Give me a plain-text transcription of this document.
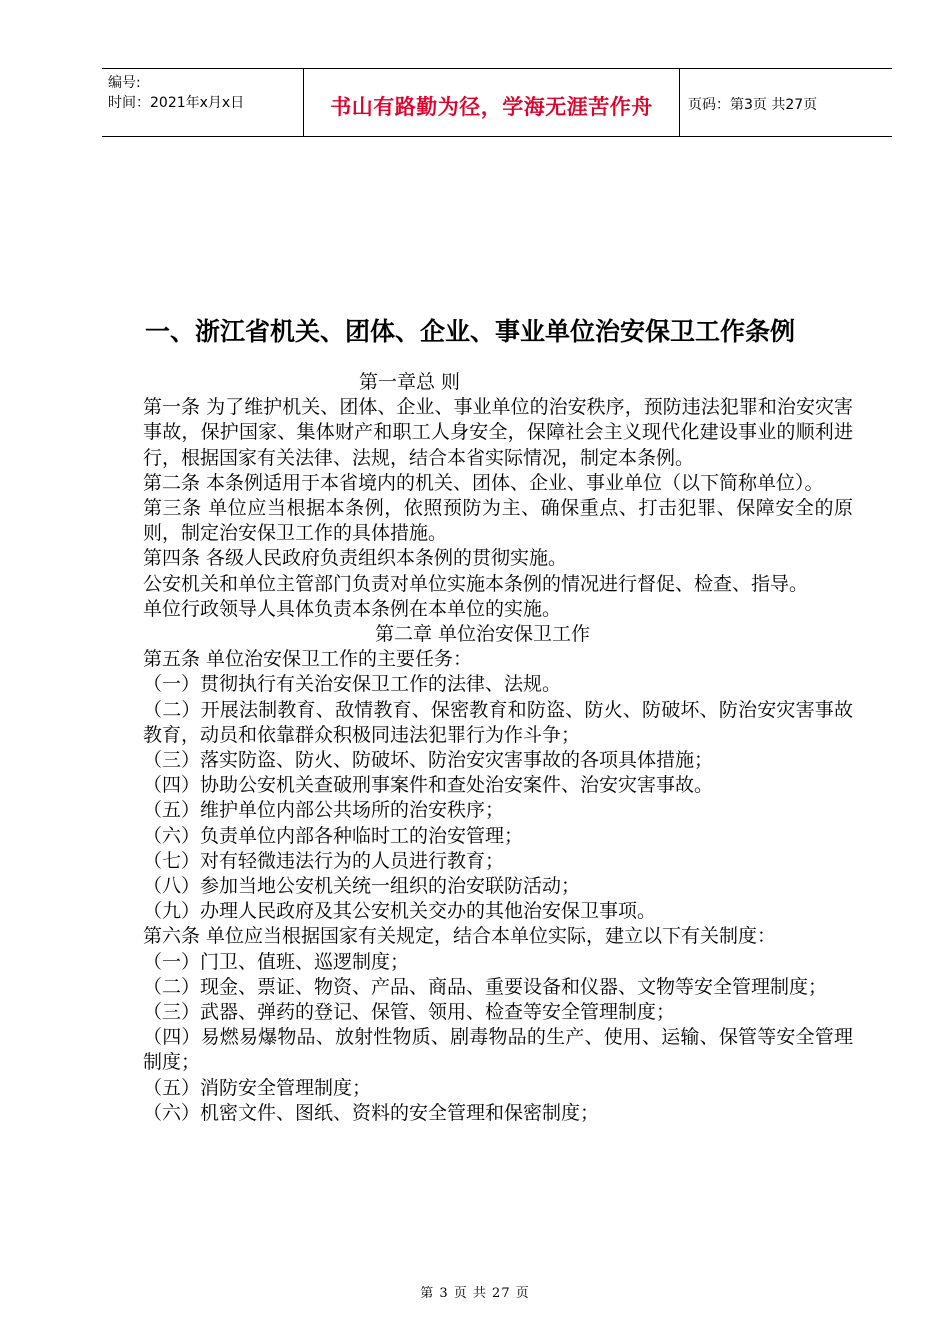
编号:
时间：2021年x月x日	书山有路勤为径，学海无涯苦作舟	页码：第3页 共27页
一、浙江省机关、团体、企业、事业单位治安保卫工作条例

第一章总 则

第一条 为了维护机关、团体、企业、事业单位的治安秩序，预防违法犯罪和治安灾害事故，保护国家、集体财产和职工人身安全，保障社会主义现代化建设事业的顺利进行，根据国家有关法律、法规，结合本省实际情况，制定本条例。

第二条 本条例适用于本省境内的机关、团体、企业、事业单位（以下简称单位）。

第三条 单位应当根据本条例，依照预防为主、确保重点、打击犯罪、保障安全的原则，制定治安保卫工作的具体措施。

第四条 各级人民政府负责组织本条例的贯彻实施。

公安机关和单位主管部门负责对单位实施本条例的情况进行督促、检查、指导。

单位行政领导人具体负责本条例在本单位的实施。

第二章 单位治安保卫工作

第五条 单位治安保卫工作的主要任务：

（一）贯彻执行有关治安保卫工作的法律、法规。

（二）开展法制教育、敌情教育、保密教育和防盗、防火、防破坏、防治安灾害事故教育，动员和依靠群众积极同违法犯罪行为作斗争；

（三）落实防盗、防火、防破坏、防治安灾害事故的各项具体措施；

（四）协助公安机关查破刑事案件和查处治安案件、治安灾害事故。

（五）维护单位内部公共场所的治安秩序；

（六）负责单位内部各种临时工的治安管理；

（七）对有轻微违法行为的人员进行教育；

（八）参加当地公安机关统一组织的治安联防活动；

（九）办理人民政府及其公安机关交办的其他治安保卫事项。

第六条 单位应当根据国家有关规定，结合本单位实际，建立以下有关制度：

（一）门卫、值班、巡逻制度；

（二）现金、票证、物资、产品、商品、重要设备和仪器、文物等安全管理制度；

（三）武器、弹药的登记、保管、领用、检查等安全管理制度；

（四）易燃易爆物品、放射性物质、剧毒物品的生产、使用、运输、保管等安全管理制度；

（五）消防安全管理制度；

（六）机密文件、图纸、资料的安全管理和保密制度；

第 3 页 共 27 页
